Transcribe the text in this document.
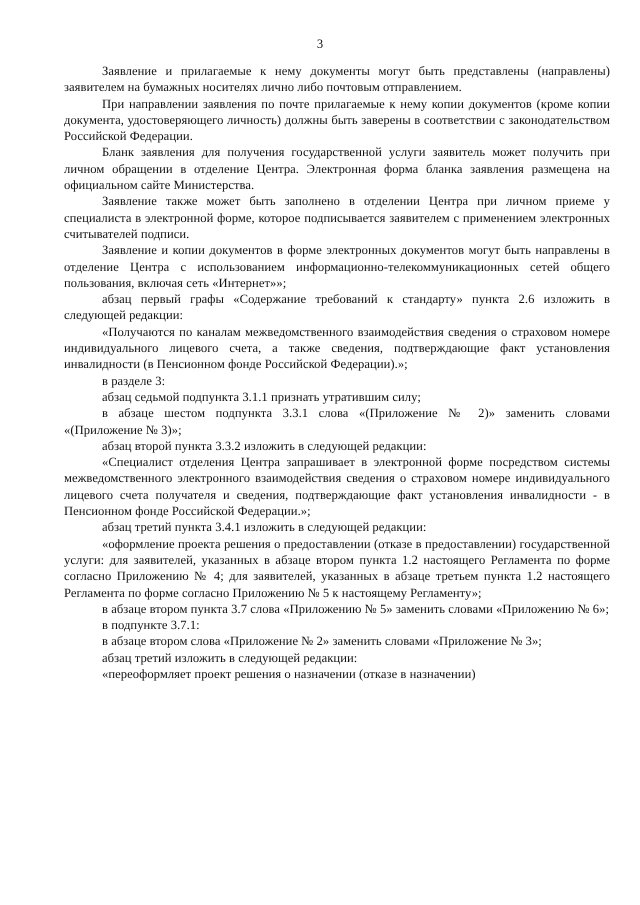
3

Заявление и прилагаемые к нему документы могут быть представлены (направлены) заявителем на бумажных носителях лично либо почтовым отправлением.

При направлении заявления по почте прилагаемые к нему копии документов (кроме копии документа, удостоверяющего личность) должны быть заверены в соответствии с законодательством Российской Федерации.

Бланк заявления для получения государственной услуги заявитель может получить при личном обращении в отделение Центра. Электронная форма бланка заявления размещена на официальном сайте Министерства.

Заявление также может быть заполнено в отделении Центра при личном приеме у специалиста в электронной форме, которое подписывается заявителем с применением электронных считывателей подписи.

Заявление и копии документов в форме электронных документов могут быть направлены в отделение Центра с использованием информационно-телекоммуникационных сетей общего пользования, включая сеть «Интернет»»;

абзац первый графы «Содержание требований к стандарту» пункта 2.6 изложить в следующей редакции:

«Получаются по каналам межведомственного взаимодействия сведения о страховом номере индивидуального лицевого счета, а также сведения, подтверждающие факт установления инвалидности (в Пенсионном фонде Российской Федерации).»;

в разделе 3:

абзац седьмой подпункта 3.1.1 признать утратившим силу;

в абзаце шестом подпункта 3.3.1 слова «(Приложение № 2)» заменить словами «(Приложение № 3)»;

абзац второй пункта 3.3.2 изложить в следующей редакции:

«Специалист отделения Центра запрашивает в электронной форме посредством системы межведомственного электронного взаимодействия сведения о страховом номере индивидуального лицевого счета получателя и сведения, подтверждающие факт установления инвалидности - в Пенсионном фонде Российской Федерации.»;

абзац третий пункта 3.4.1 изложить в следующей редакции:

«оформление проекта решения о предоставлении (отказе в предоставлении) государственной услуги: для заявителей, указанных в абзаце втором пункта 1.2 настоящего Регламента по форме согласно Приложению № 4; для заявителей, указанных в абзаце третьем пункта 1.2 настоящего Регламента по форме согласно Приложению № 5 к настоящему Регламенту»;

в абзаце втором пункта 3.7 слова «Приложению № 5» заменить словами «Приложению № 6»;

в подпункте 3.7.1:

в абзаце втором слова «Приложение № 2» заменить словами «Приложение № 3»;

абзац третий изложить в следующей редакции:

«переоформляет проект решения о назначении (отказе в назначении)
